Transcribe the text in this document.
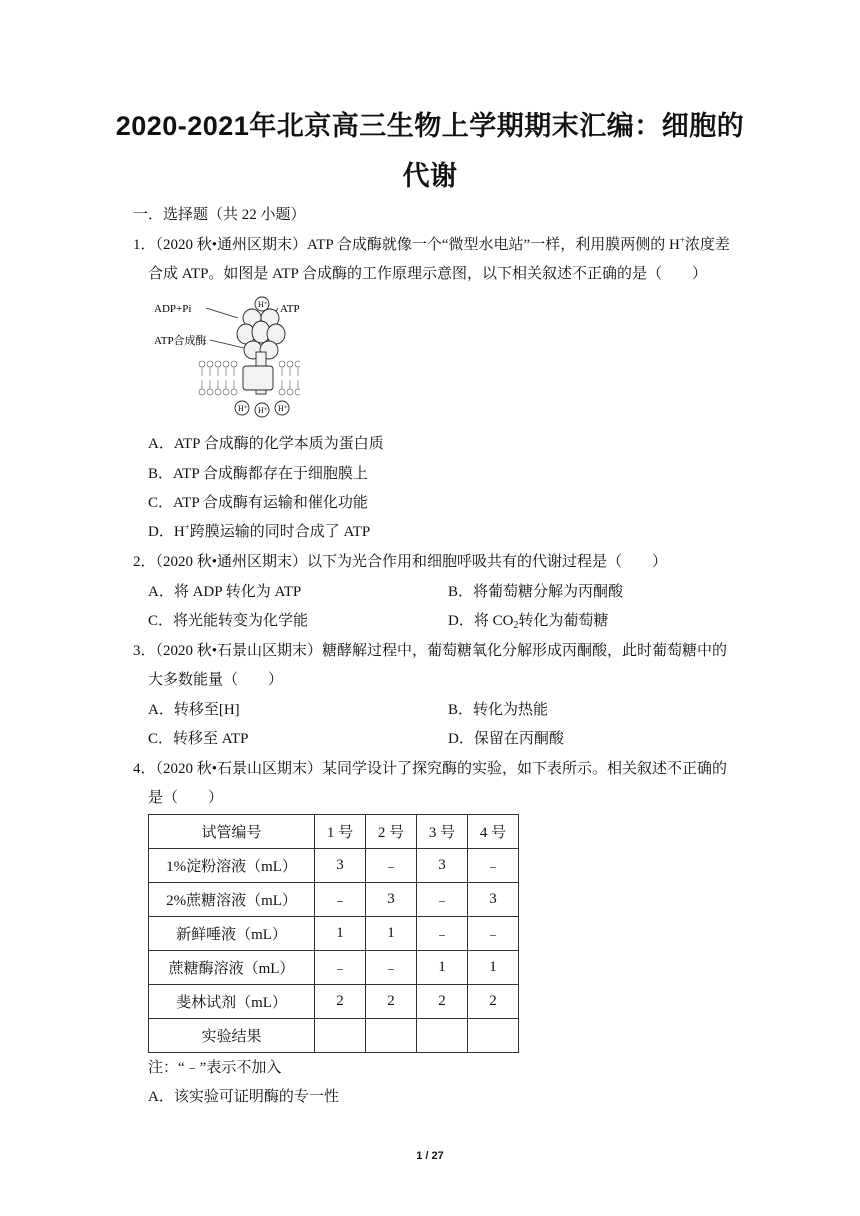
2020-2021年北京高三生物上学期期末汇编：细胞的
代谢
一．选择题（共 22 小题）
1．（2020 秋•通州区期末）ATP 合成酶就像一个“微型水电站”一样，利用膜两侧的 H+浓度差
合成 ATP。如图是 ATP 合成酶的工作原理示意图，以下相关叙述不正确的是（　　）
ADP+Pi	ATP
ATP合成酶
H⁺
H⁺ H⁺ H⁺
A．ATP 合成酶的化学本质为蛋白质
B．ATP 合成酶都存在于细胞膜上
C．ATP 合成酶有运输和催化功能
D．H+跨膜运输的同时合成了 ATP
2．（2020 秋•通州区期末）以下为光合作用和细胞呼吸共有的代谢过程是（　　）
A．将 ADP 转化为 ATP	B．将葡萄糖分解为丙酮酸
C．将光能转变为化学能	D．将 $CO_2$转化为葡萄糖
3．（2020 秋•石景山区期末）糖酵解过程中，葡萄糖氧化分解形成丙酮酸，此时葡萄糖中的
大多数能量（　　）
A．转移至[H]	B．转化为热能
C．转移至 ATP	D．保留在丙酮酸
4．（2020 秋•石景山区期末）某同学设计了探究酶的实验，如下表所示。相关叙述不正确的
是（　　）
试管编号	1 号	2 号	3 号	4 号
1%淀粉溶液（mL）	3	﹣	3	﹣
2%蔗糖溶液（mL）	﹣	3	﹣	3
新鲜唾液（mL）	1	1	﹣	﹣
蔗糖酶溶液（mL）	﹣	﹣	1	1
斐林试剂（mL）	2	2	2	2
实验结果				
注：“﹣”表示不加入
A．该实验可证明酶的专一性
1 / 27
